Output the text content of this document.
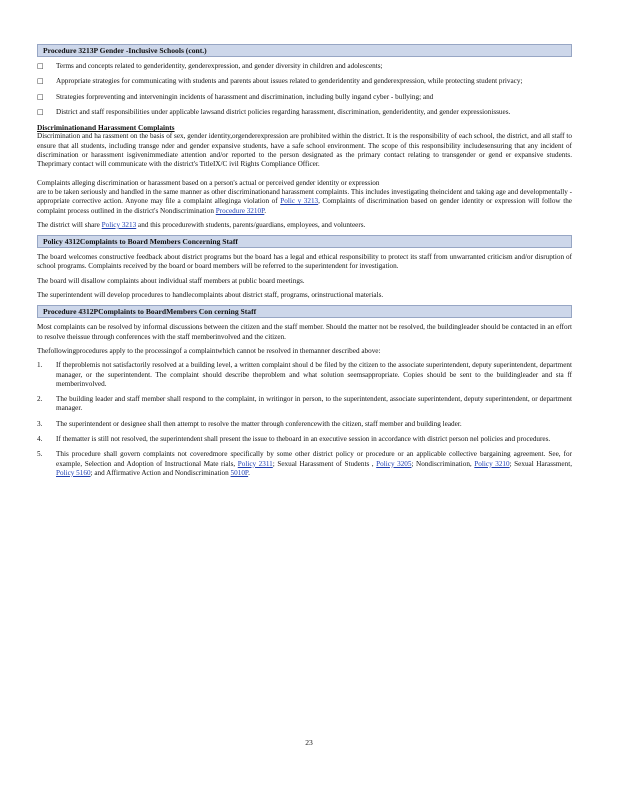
Procedure 3213P Gender -Inclusive Schools (cont.)
□ Terms and concepts related to genderidentity, genderexpression, and gender diversity in children and adolescents;
□ Appropriate strategies for communicating with students and parents about issues related to genderidentity and genderexpression, while protecting student privacy;
□ Strategies forpreventing and interveningin incidents of harassment and discrimination, including bully ingand cyber - bullying; and
□ District and staff responsibilities under applicable lawsand district policies regarding harassment, discrimination, genderidentity, and gender expressionissues.
Discriminationand Harassment Complaints

Discrimination and ha rassment on the basis of sex, gender identity,orgenderexpression are prohibited within the district. It is the responsibility of each school, the district, and all staff to ensure that all students, including transge nder and gender expansive students, have a safe school environment. The scope of this responsibility includesensuring that any incident of discrimination or harassment isgivenimmediate attention and/or reported to the person designated as the primary contact relating to transgender or gend er expansive students. Theprimary contact will communicate with the district's TitleIX/C ivil Rights Compliance Officer.

Complaints alleging discrimination or harassment based on a person's actual or perceived gender identity or expression

are to be taken seriously and handled in the same manner as other discriminationand harassment complaints. This includes investigating theincident and taking age and developmentally -appropriate corrective action. Anyone may file a complaint alleginga violation of Polic y 3213, Complaints of discrimination based on gender identity or expression will follow the complaint process outlined in the district's Nondiscrimination Procedure 3210P.

The district will share Policy 3213 and this procedurewith students, parents/guardians, employees, and volunteers.

Policy 4312Complaints to Board Members Concerning Staff

The board welcomes constructive feedback about district programs but the board has a legal and ethical responsibility to protect its staff from unwarranted criticism and/or disruption of school programs. Complaints received by the board or board members will be referred to the superintendent for investigation.

The board will disallow complaints about individual staff members at public board meetings.

The superintendent will develop procedures to handlecomplaints about district staff, programs, orinstructional materials.

Procedure 4312PComplaints to BoardMembers Con cerning Staff

Most complaints can be resolved by informal discussions between the citizen and the staff member. Should the matter not be resolved, the buildingleader should be contacted in an effort to resolve theissue through conferences with the staff memberinvolved and the citizen.

Thefollowingprocedures apply to the processingof a complaintwhich cannot be resolved in themanner described above:

1. If theproblemis not satisfactorily resolved at a building level, a written complaint shoul d be filed by the citizen to the associate superintendent, deputy superintendent, department manager, or the superintendent. The complaint should describe theproblem and what solution seemsappropriate. Copies should be sent to the buildingleader and sta ff memberinvolved.
2. The building leader and staff member shall respond to the complaint, in writingor in person, to the superintendent, associate superintendent, deputy superintendent, or department manager.
3. The superintendent or designee shall then attempt to resolve the matter through conferencewith the citizen, staff member and building leader.
4. If thematter is still not resolved, the superintendent shall present the issue to theboard in an executive session in accordance with district person nel policies and procedures.
5. This procedure shall govern complaints not coveredmore specifically by some other district policy or procedure or an applicable collective bargaining agreement. See, for example, Selection and Adoption of Instructional Mate rials, Policy 2311; Sexual Harassment of Students , Policy 3205; Nondiscrimination, Policy 3210; Sexual Harassment, Policy 5160; and Affirmative Action and Nondiscrimination 5010P.
23
